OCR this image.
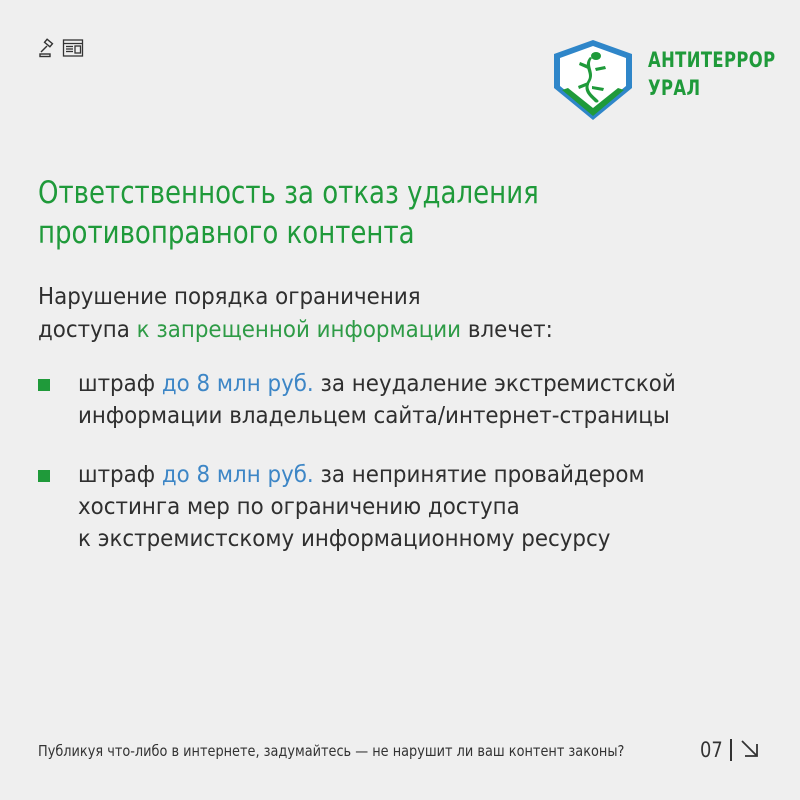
АНТИТЕРРОР
УРАЛ
Ответственность за отказ удаления
противоправного контента
Нарушение порядка ограничения
доступа к запрещенной информации влечет:
штраф до 8 млн руб. за неудаление экстремистской
информации владельцем сайта/интернет-страницы
штраф до 8 млн руб. за непринятие провайдером
хостинга мер по ограничению доступа
к экстремистскому информационному ресурсу
Публикуя что-либо в интернете, задумайтесь — не нарушит ли ваш контент законы?	07
